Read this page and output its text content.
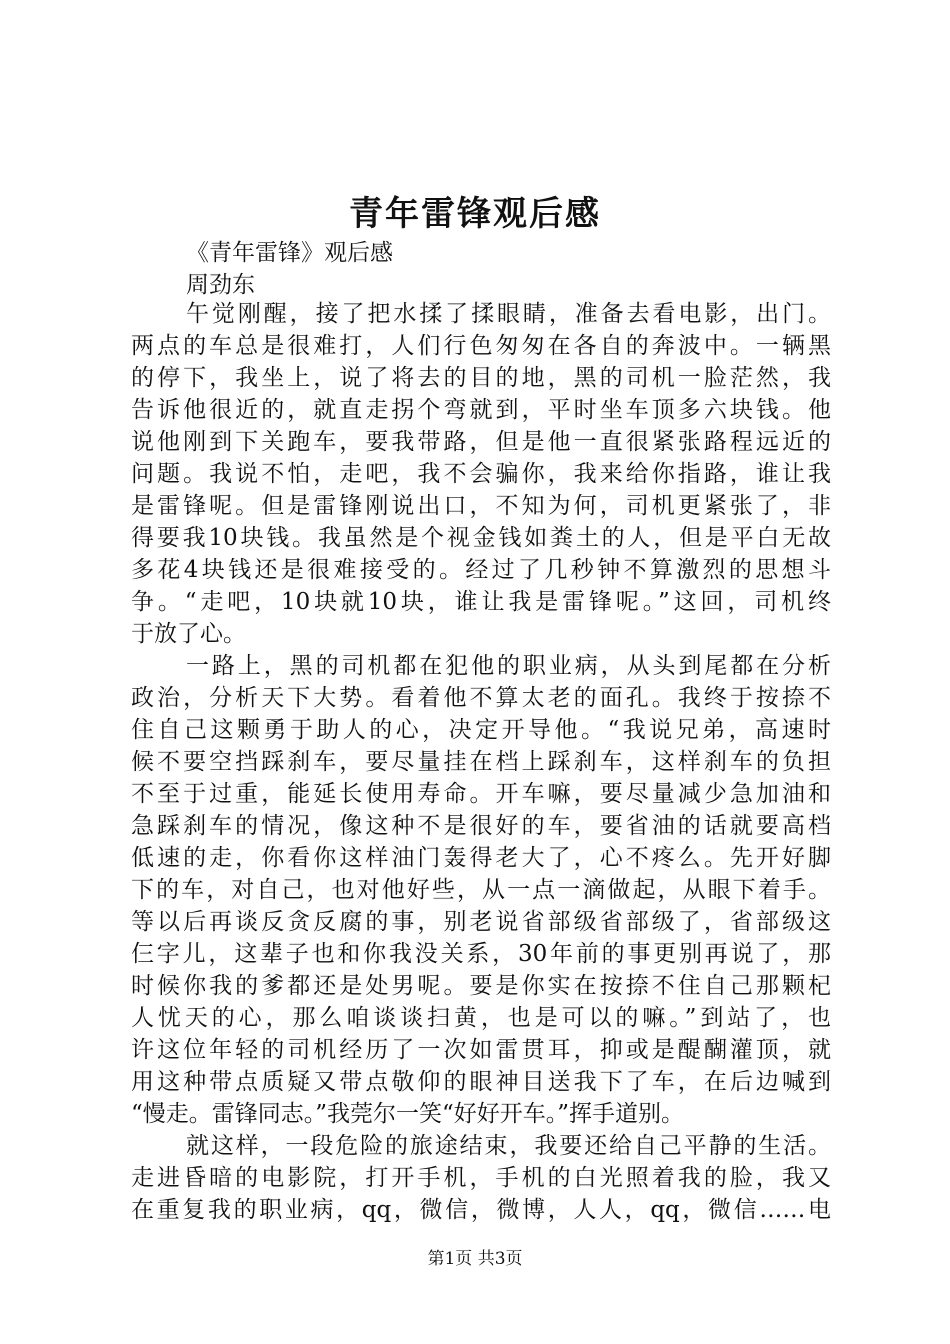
青年雷锋观后感
《青年雷锋》观后感
周劲东
午觉刚醒，接了把水揉了揉眼睛，准备去看电影，出门。
两点的车总是很难打，人们行色匆匆在各自的奔波中。一辆黑
的停下，我坐上，说了将去的目的地，黑的司机一脸茫然，我
告诉他很近的，就直走拐个弯就到，平时坐车顶多六块钱。他
说他刚到下关跑车，要我带路，但是他一直很紧张路程远近的
问题。我说不怕，走吧，我不会骗你，我来给你指路，谁让我
是雷锋呢。但是雷锋刚说出口，不知为何，司机更紧张了，非
得要我10块钱。我虽然是个视金钱如粪土的人，但是平白无故
多花4块钱还是很难接受的。经过了几秒钟不算激烈的思想斗
争。“走吧，10块就10块，谁让我是雷锋呢。”这回，司机终
于放了心。
一路上，黑的司机都在犯他的职业病，从头到尾都在分析
政治，分析天下大势。看着他不算太老的面孔。我终于按捺不
住自己这颗勇于助人的心，决定开导他。“我说兄弟，高速时
候不要空挡踩刹车，要尽量挂在档上踩刹车，这样刹车的负担
不至于过重，能延长使用寿命。开车嘛，要尽量减少急加油和
急踩刹车的情况，像这种不是很好的车，要省油的话就要高档
低速的走，你看你这样油门轰得老大了，心不疼么。先开好脚
下的车，对自己，也对他好些，从一点一滴做起，从眼下着手。
等以后再谈反贪反腐的事，别老说省部级省部级了，省部级这
仨字儿，这辈子也和你我没关系，30年前的事更别再说了，那
时候你我的爹都还是处男呢。要是你实在按捺不住自己那颗杞
人忧天的心，那么咱谈谈扫黄，也是可以的嘛。”到站了，也
许这位年轻的司机经历了一次如雷贯耳，抑或是醍醐灌顶，就
用这种带点质疑又带点敬仰的眼神目送我下了车，在后边喊到
“慢走。雷锋同志。”我莞尔一笑“好好开车。”挥手道别。
就这样，一段危险的旅途结束，我要还给自己平静的生活。
走进昏暗的电影院，打开手机，手机的白光照着我的脸，我又
在重复我的职业病，qq，微信，微博，人人，qq，微信……电
第1页 共3页
